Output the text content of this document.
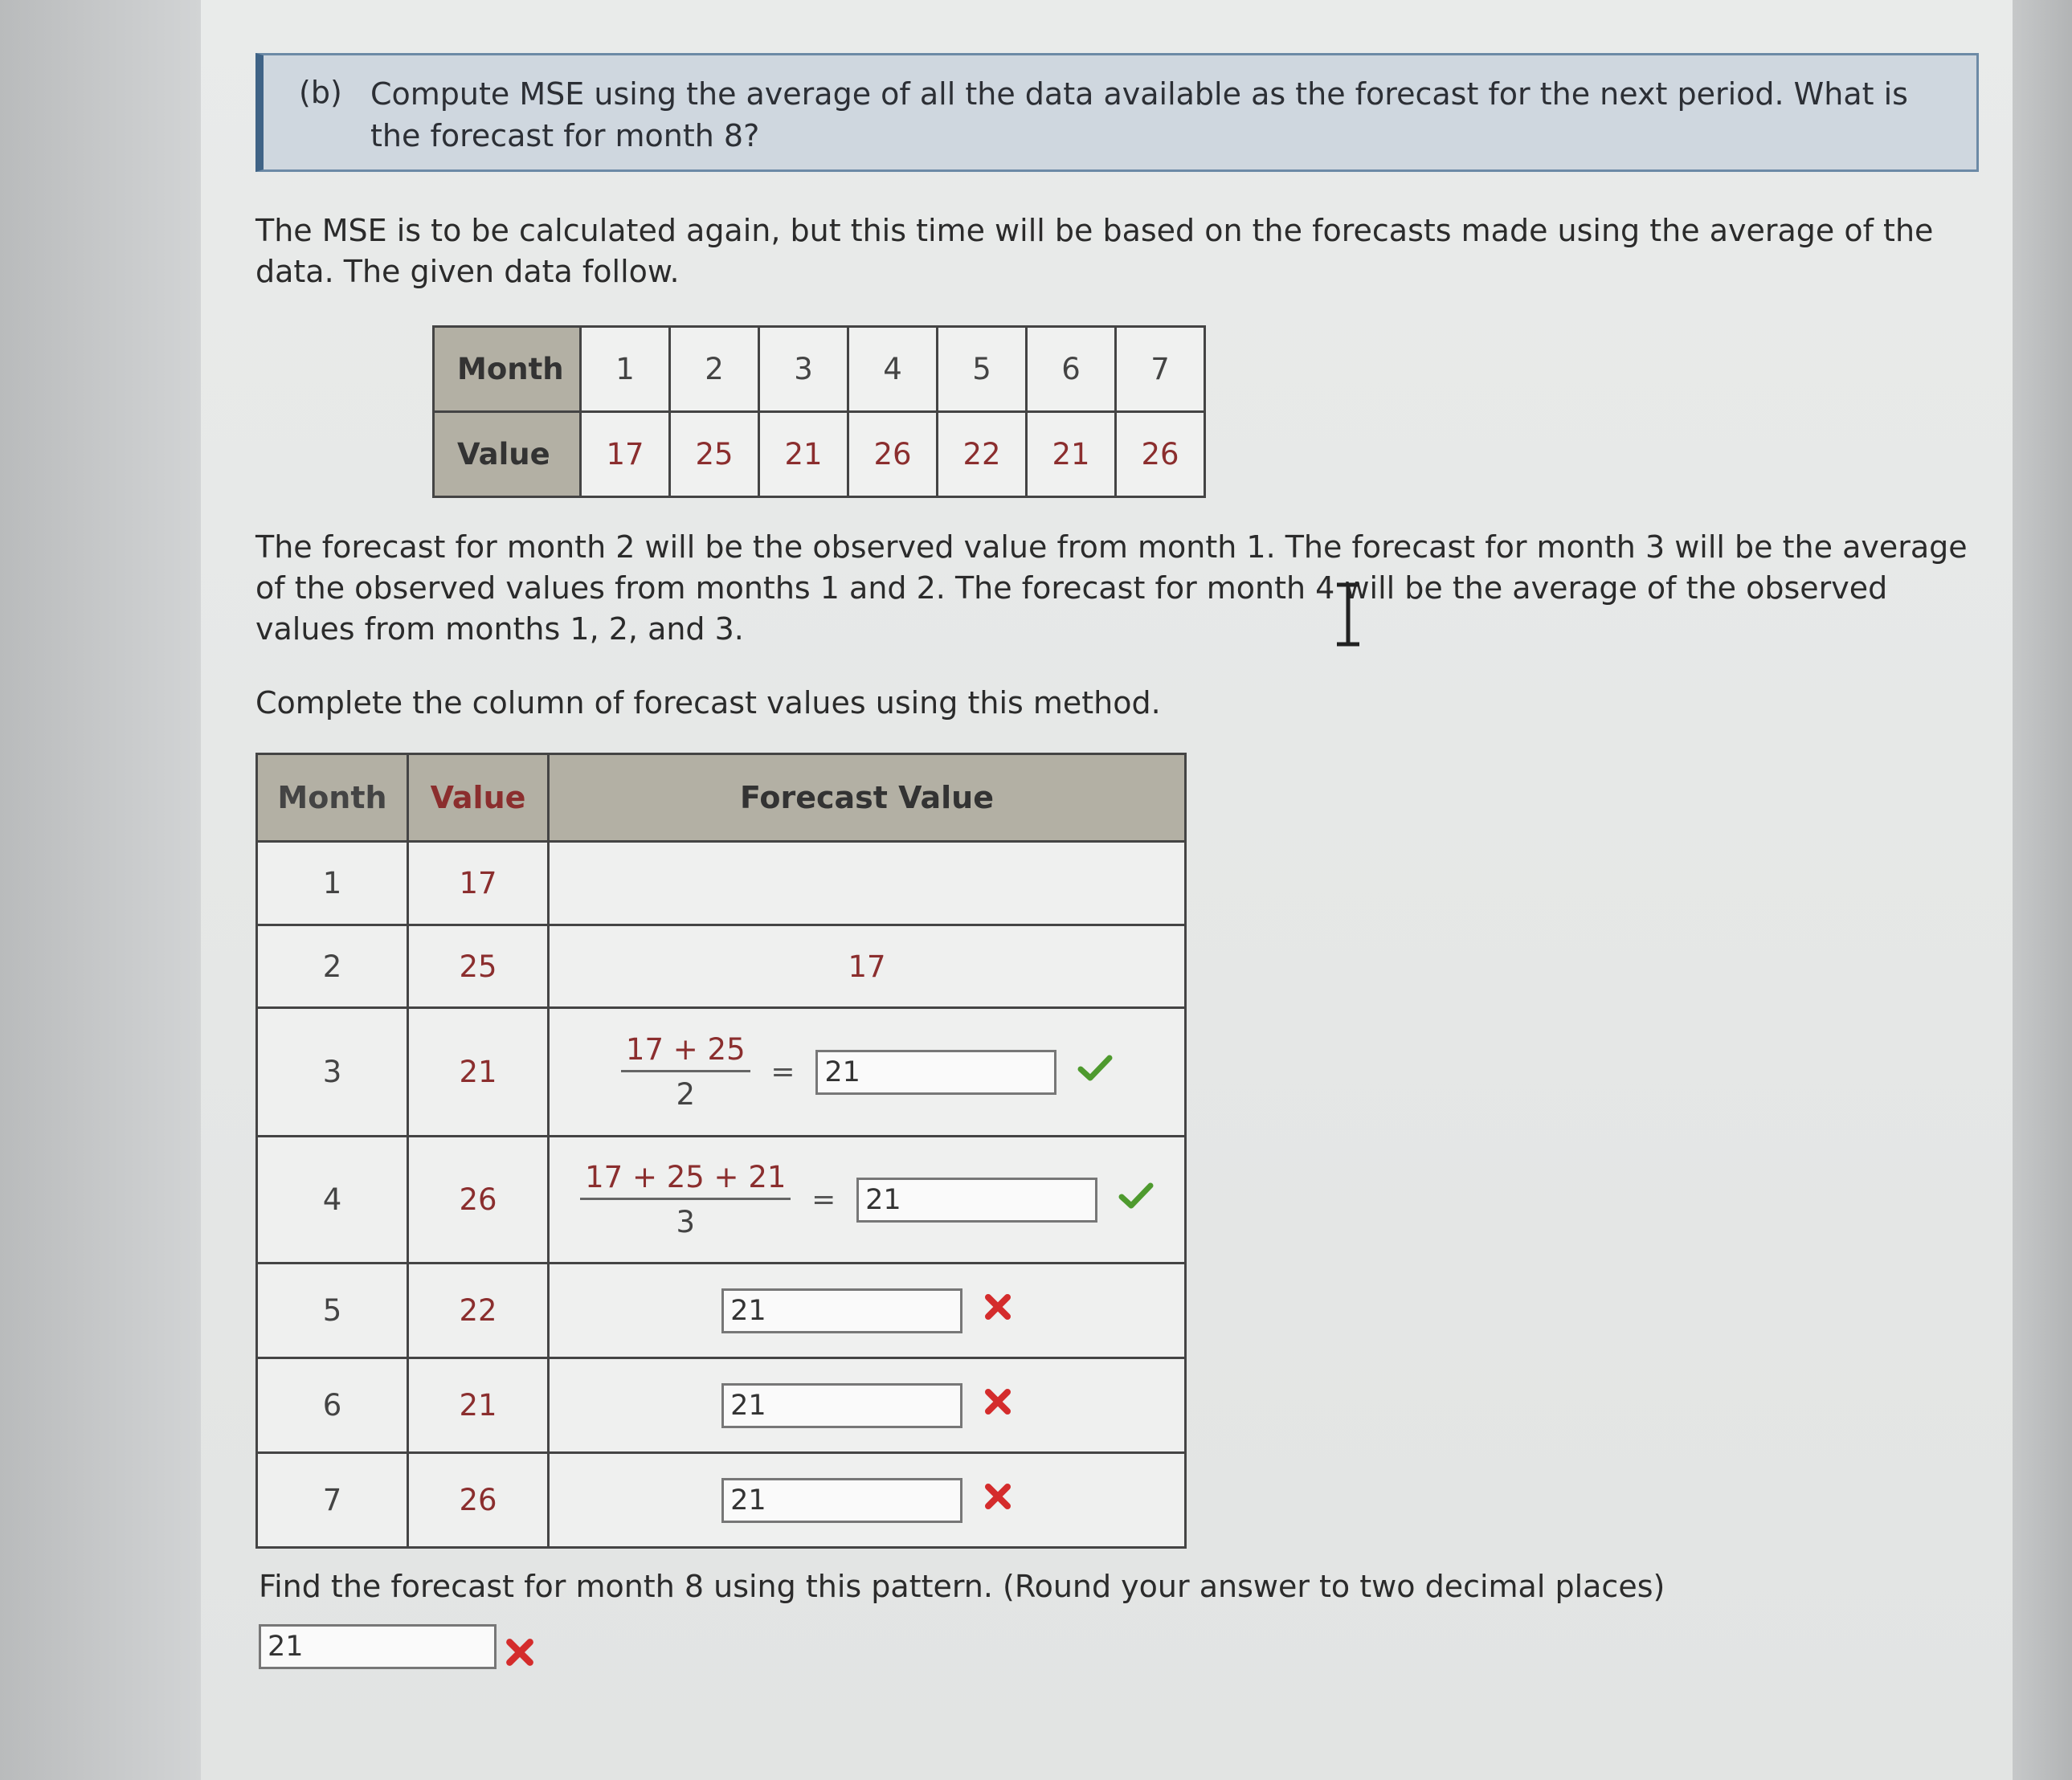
(b) Compute MSE using the average of all the data available as the forecast for the next period. What is the forecast for month 8?
The MSE is to be calculated again, but this time will be based on the forecasts made using the average of the data. The given data follow.
Month	1	2	3	4	5	6	7
Value	17	25	21	26	22	21	26
The forecast for month 2 will be the observed value from month 1. The forecast for month 3 will be the average of the observed values from months 1 and 2. The forecast for month 4 will be the average of the observed values from months 1, 2, and 3.
Complete the column of forecast values using this method.
Month	Value	Forecast Value
1	17	
2	25	17
3	21	$\frac{17 + 25}{2} = 21$
4	26	$\frac{17 + 25 + 21}{3} = 21$
5	22	21
6	21	21
7	26	21
Find the forecast for month 8 using this pattern. (Round your answer to two decimal places)
21
